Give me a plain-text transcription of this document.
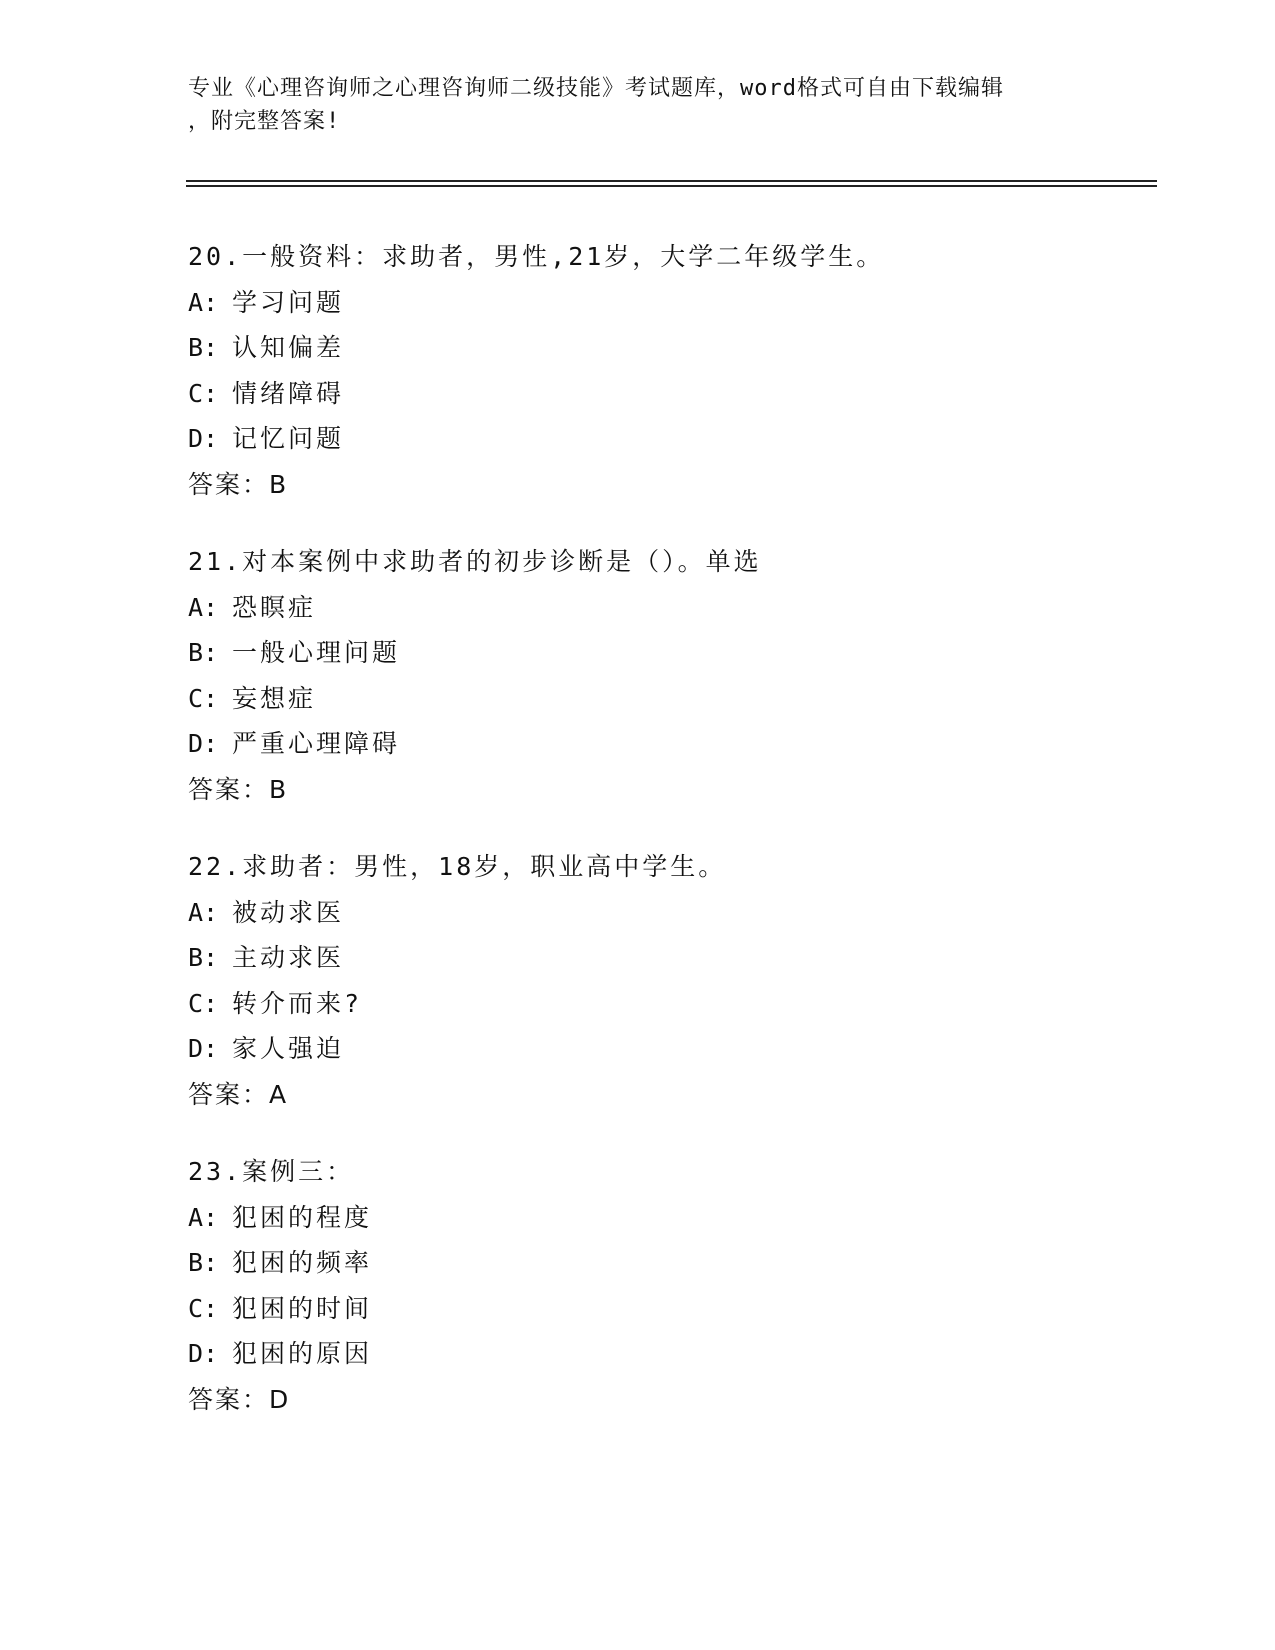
专业《心理咨询师之心理咨询师二级技能》考试题库，word格式可自由下载编辑
，附完整答案!
20.一般资料：求助者，男性,21岁，大学二年级学生。
A: 学习问题
B: 认知偏差
C: 情绪障碍
D: 记忆问题
答案：B
21.对本案例中求助者的初步诊断是（）。单选
A: 恐瞑症
B: 一般心理问题
C: 妄想症
D: 严重心理障碍
答案：B
22.求助者：男性，18岁，职业高中学生。
A: 被动求医
B: 主动求医
C: 转介而来?
D: 家人强迫
答案：A
23.案例三：
A: 犯困的程度
B: 犯困的频率
C: 犯困的时间
D: 犯困的原因
答案：D
